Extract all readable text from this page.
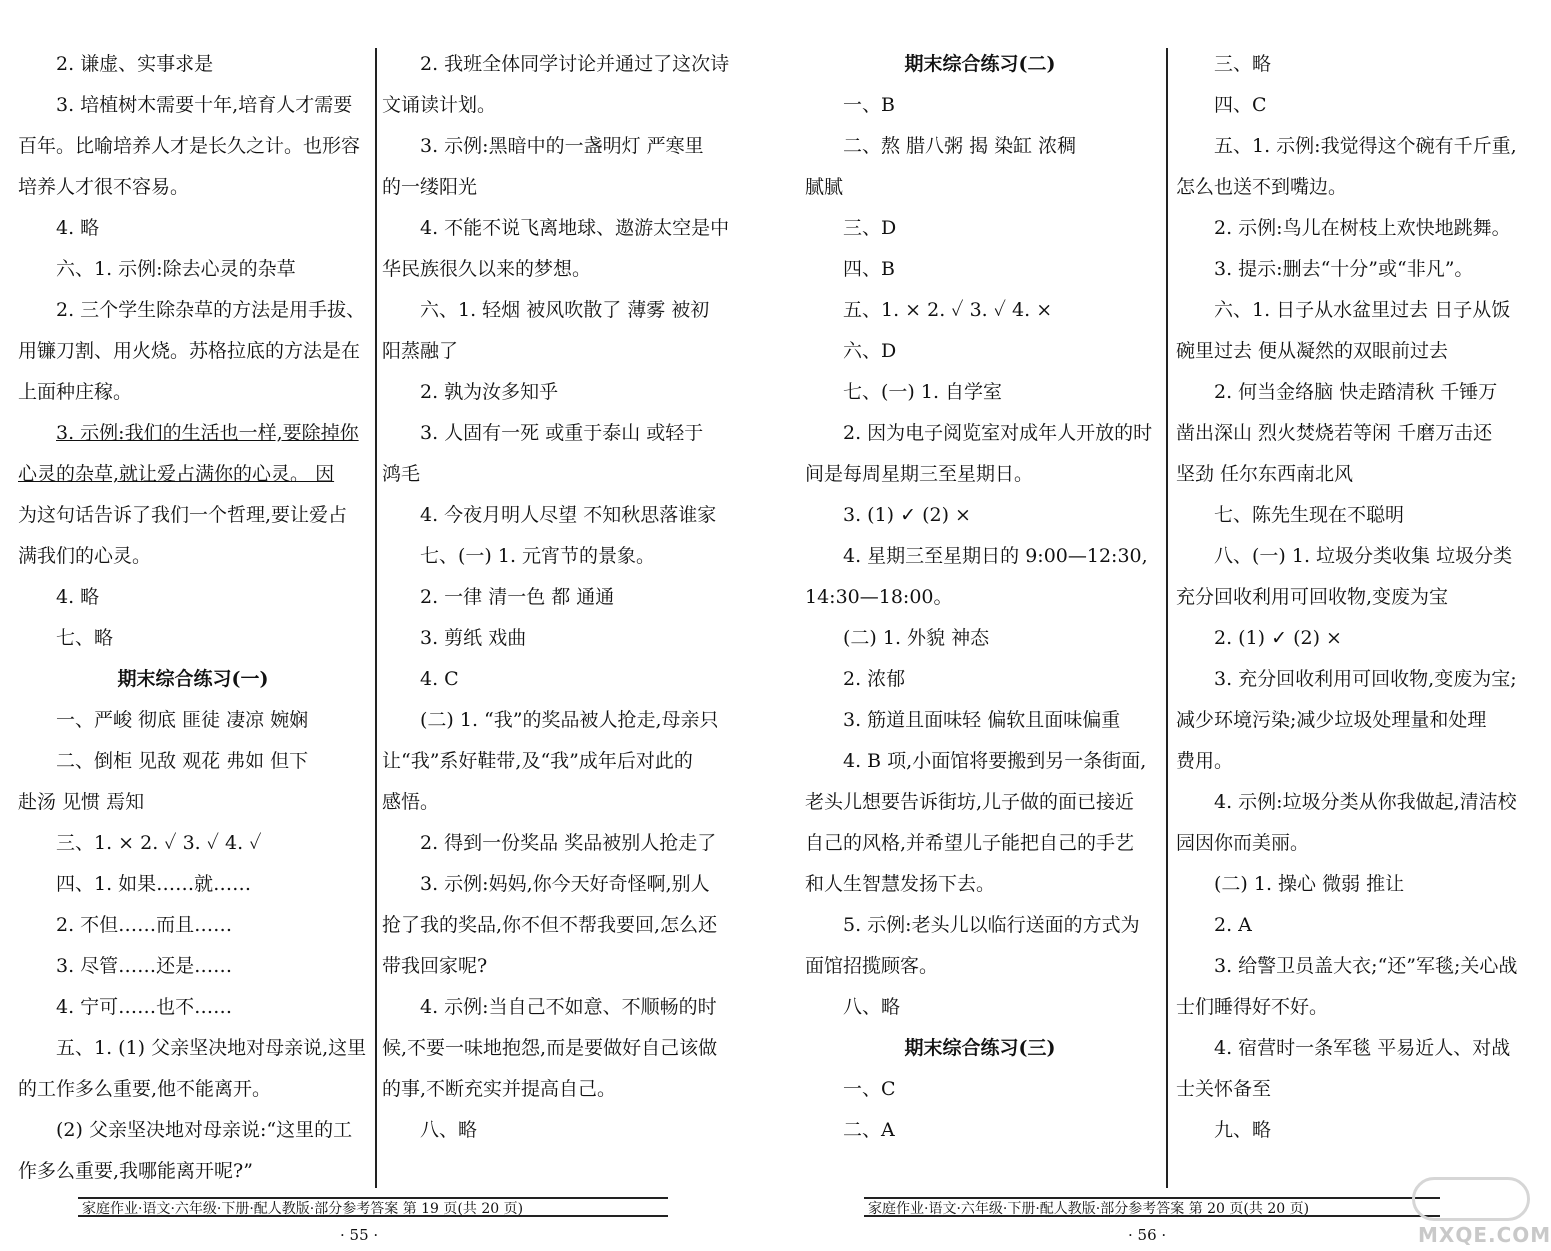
2. 谦虚、实事求是

3. 培植树木需要十年,培育人才需要

百年。比喻培养人才是长久之计。也形容

培养人才很不容易。

4. 略

六、1. 示例:除去心灵的杂草

2. 三个学生除杂草的方法是用手拔、

用镰刀割、用火烧。苏格拉底的方法是在

上面种庄稼。

3. 示例:我们的生活也一样,要除掉你

心灵的杂草,就让爱占满你的心灵。 因

为这句话告诉了我们一个哲理,要让爱占

满我们的心灵。

4. 略

七、略

期末综合练习(一)

一、严峻 彻底 匪徒 凄凉 婉娴

二、倒柜 见敌 观花 弗如 但下

赴汤 见惯 焉知

三、1. × 2. ✓ 3. ✓ 4. ✓

四、1. 如果……就……

2. 不但……而且……

3. 尽管……还是……

4. 宁可……也不……

五、1. (1) 父亲坚决地对母亲说,这里

的工作多么重要,他不能离开。

(2) 父亲坚决地对母亲说:“这里的工

作多么重要,我哪能离开呢?”

2. 我班全体同学讨论并通过了这次诗

文诵读计划。

3. 示例:黑暗中的一盏明灯 严寒里

的一缕阳光

4. 不能不说飞离地球、遨游太空是中

华民族很久以来的梦想。

六、1. 轻烟 被风吹散了 薄雾 被初

阳蒸融了

2. 孰为汝多知乎

3. 人固有一死 或重于泰山 或轻于

鸿毛

4. 今夜月明人尽望 不知秋思落谁家

七、(一) 1. 元宵节的景象。

2. 一律 清一色 都 通通

3. 剪纸 戏曲

4. C

(二) 1. “我”的奖品被人抢走,母亲只

让“我”系好鞋带,及“我”成年后对此的

感悟。

2. 得到一份奖品 奖品被别人抢走了

3. 示例:妈妈,你今天好奇怪啊,别人

抢了我的奖品,你不但不帮我要回,怎么还

带我回家呢?

4. 示例:当自己不如意、不顺畅的时

候,不要一味地抱怨,而是要做好自己该做

的事,不断充实并提高自己。

八、略

期末综合练习(二)

一、B

二、熬 腊八粥 揭 染缸 浓稠

腻腻

三、D

四、B

五、1. × 2. ✓ 3. ✓ 4. ×

六、D

七、(一) 1. 自学室

2. 因为电子阅览室对成年人开放的时

间是每周星期三至星期日。

3. (1) ✓ (2) ×

4. 星期三至星期日的 9:00—12:30,

14:30—18:00。

(二) 1. 外貌 神态

2. 浓郁

3. 筋道且面味轻 偏软且面味偏重

4. B 项,小面馆将要搬到另一条街面,

老头儿想要告诉街坊,儿子做的面已接近

自己的风格,并希望儿子能把自己的手艺

和人生智慧发扬下去。

5. 示例:老头儿以临行送面的方式为

面馆招揽顾客。

八、略

期末综合练习(三)

一、C

二、A

三、略

四、C

五、1. 示例:我觉得这个碗有千斤重,

怎么也送不到嘴边。

2. 示例:鸟儿在树枝上欢快地跳舞。

3. 提示:删去“十分”或“非凡”。

六、1. 日子从水盆里过去 日子从饭

碗里过去 便从凝然的双眼前过去

2. 何当金络脑 快走踏清秋 千锤万

凿出深山 烈火焚烧若等闲 千磨万击还

坚劲 任尔东西南北风

七、陈先生现在不聪明

八、(一) 1. 垃圾分类收集 垃圾分类

充分回收利用可回收物,变废为宝

2. (1) ✓ (2) ×

3. 充分回收利用可回收物,变废为宝;

减少环境污染;减少垃圾处理量和处理

费用。

4. 示例:垃圾分类从你我做起,清洁校

园因你而美丽。

(二) 1. 操心 微弱 推让

2. A

3. 给警卫员盖大衣;“还”军毯;关心战

士们睡得好不好。

4. 宿营时一条军毯 平易近人、对战

士关怀备至

九、略

家庭作业·语文·六年级·下册·配人教版·部分参考答案 第 19 页(共 20 页)
· 55 ·
家庭作业·语文·六年级·下册·配人教版·部分参考答案 第 20 页(共 20 页)
· 56 ·	MXQE.COM
